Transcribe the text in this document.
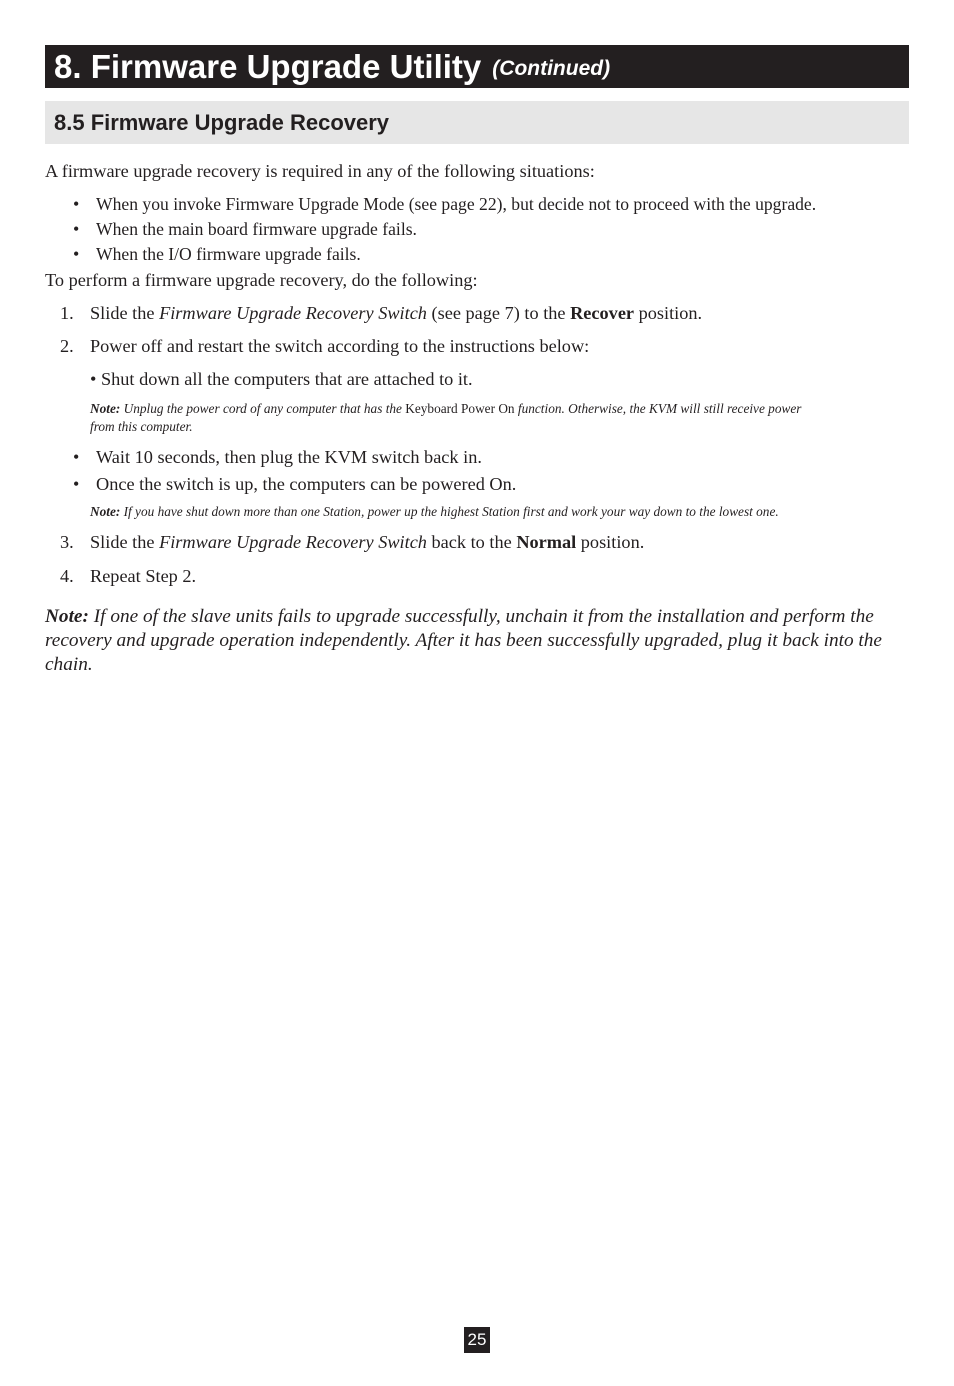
8. Firmware Upgrade Utility (Continued)
8.5 Firmware Upgrade Recovery
A firmware upgrade recovery is required in any of the following situations:
• When you invoke Firmware Upgrade Mode (see page 22), but decide not to proceed with the upgrade.
• When the main board firmware upgrade fails.
• When the I/O firmware upgrade fails.
To perform a firmware upgrade recovery, do the following:
1. Slide the Firmware Upgrade Recovery Switch (see page 7) to the Recover position.
2. Power off and restart the switch according to the instructions below:
• Shut down all the computers that are attached to it.
Note: Unplug the power cord of any computer that has the Keyboard Power On function. Otherwise, the KVM will still receive power
from this computer.
• Wait 10 seconds, then plug the KVM switch back in.
• Once the switch is up, the computers can be powered On.
Note: If you have shut down more than one Station, power up the highest Station first and work your way down to the lowest one.
3. Slide the Firmware Upgrade Recovery Switch back to the Normal position.
4. Repeat Step 2.

Note: If one of the slave units fails to upgrade successfully, unchain it from the installation and perform the recovery and upgrade operation independently. After it has been successfully upgraded, plug it back into the chain.

25
